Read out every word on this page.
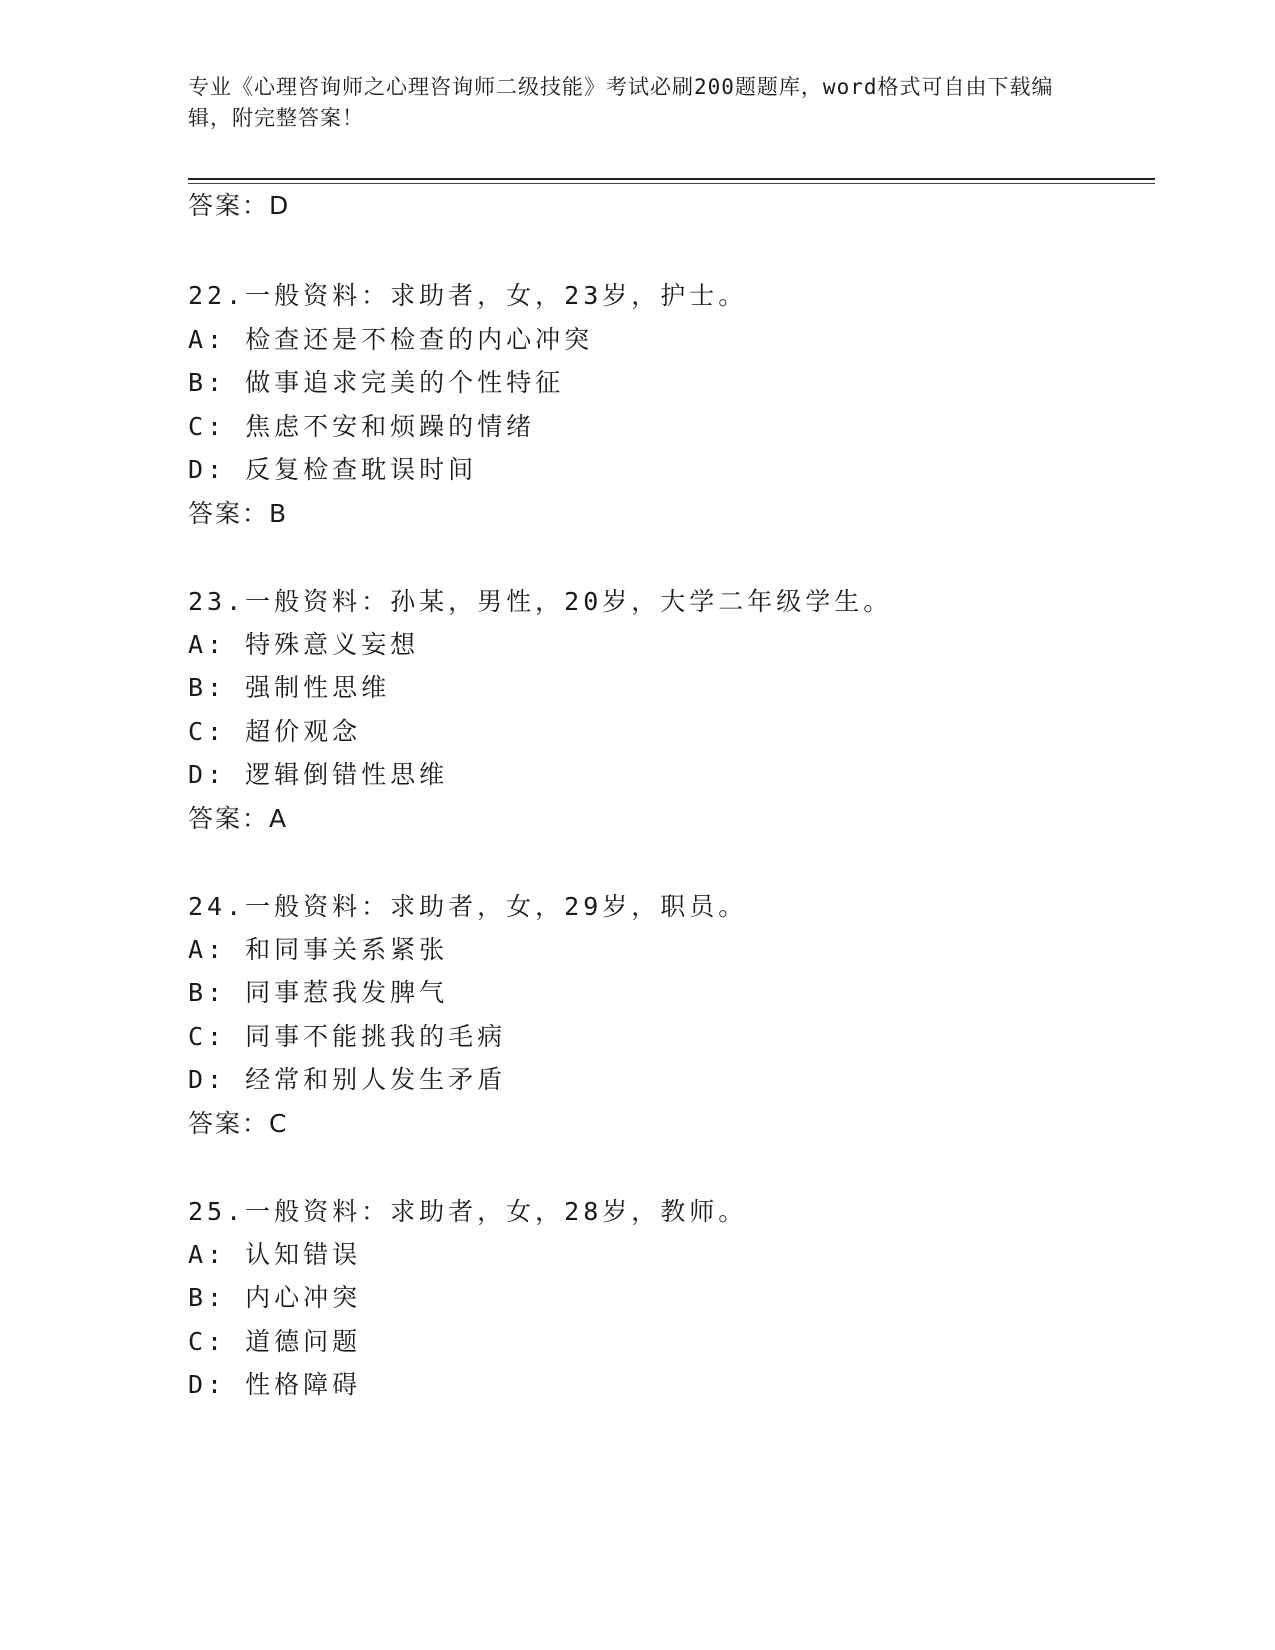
专业《心理咨询师之心理咨询师二级技能》考试必刷200题题库，word格式可自由下载编辑，附完整答案！
答案：D
22.一般资料：求助者，女，23岁，护士。
A: 检查还是不检查的内心冲突
B: 做事追求完美的个性特征
C: 焦虑不安和烦躁的情绪
D: 反复检查耽误时间
答案：B
23.一般资料：孙某，男性，20岁，大学二年级学生。
A: 特殊意义妄想
B: 强制性思维
C: 超价观念
D: 逻辑倒错性思维
答案：A
24.一般资料：求助者，女，29岁，职员。
A: 和同事关系紧张
B: 同事惹我发脾气
C: 同事不能挑我的毛病
D: 经常和别人发生矛盾
答案：C
25.一般资料：求助者，女，28岁，教师。
A: 认知错误
B: 内心冲突
C: 道德问题
D: 性格障碍
